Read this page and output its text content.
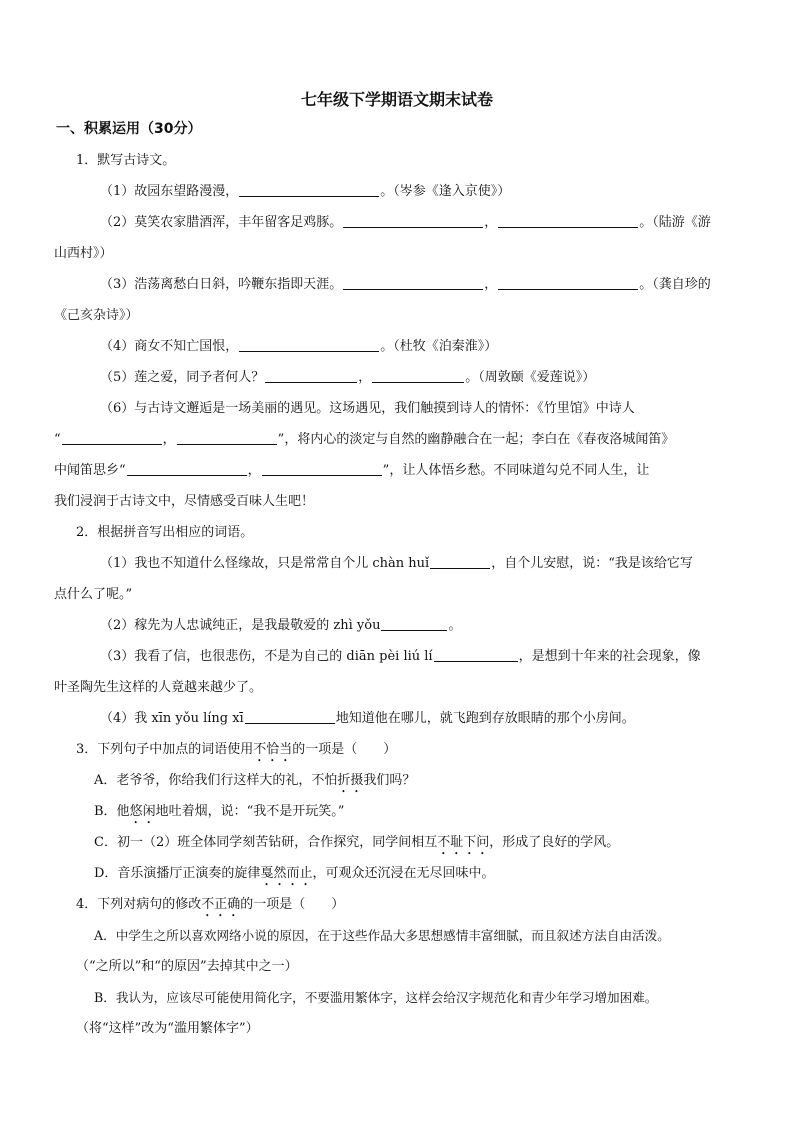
七年级下学期语文期末试卷
一、积累运用（30分）

1．默写古诗文。

（1）故园东望路漫漫，	。（岑参《逢入京使》）

（2）莫笑农家腊酒浑，丰年留客足鸡豚。	，	。（陆游《游

山西村》）

（3）浩荡离愁白日斜，吟鞭东指即天涯。	，	。（龚自珍的

《己亥杂诗》）

（4）商女不知亡国恨，	。（杜牧《泊秦淮》）

（5）莲之爱，同予者何人？	，	。（周敦颐《爱莲说》）

（6）与古诗文邂逅是一场美丽的遇见。这场遇见，我们触摸到诗人的情怀：《竹里馆》中诗人

“	，	”，将内心的淡定与自然的幽静融合在一起；李白在《春夜洛城闻笛》

中闻笛思乡“	，	”，让人体悟乡愁。不同味道勾兑不同人生，让

我们浸润于古诗文中，尽情感受百味人生吧！

2．根据拼音写出相应的词语。

（1）我也不知道什么怪缘故，只是常常自个儿 chàn huǐ	，自个儿安慰，说：“我是该给它写

点什么了呢。”

（2）稼先为人忠诚纯正，是我最敬爱的 zhì yǒu	。

（3）我看了信，也很悲伤，不是为自己的 diān pèi liú lí	，是想到十年来的社会现象，像

叶圣陶先生这样的人竟越来越少了。

（4）我 xīn yǒu líng xī	地知道他在哪儿，就飞跑到存放眼睛的那个小房间。

3．下列句子中加点的词语使用不恰当的一项是（　　）

A．老爷爷，你给我们行这样大的礼，不怕折摄我们吗？

B．他悠闲地吐着烟，说：“我不是开玩笑。”

C．初一（2）班全体同学刻苦钻研，合作探究，同学间相互不耻下问，形成了良好的学风。

D．音乐演播厅正演奏的旋律戛然而止，可观众还沉浸在无尽回味中。

4．下列对病句的修改不正确的一项是（　　）

A．中学生之所以喜欢网络小说的原因，在于这些作品大多思想感情丰富细腻，而且叙述方法自由活泼。

（“之所以”和“的原因”去掉其中之一）

B．我认为，应该尽可能使用简化字，不要滥用繁体字，这样会给汉字规范化和青少年学习增加困难。

（将“这样”改为“滥用繁体字”）
